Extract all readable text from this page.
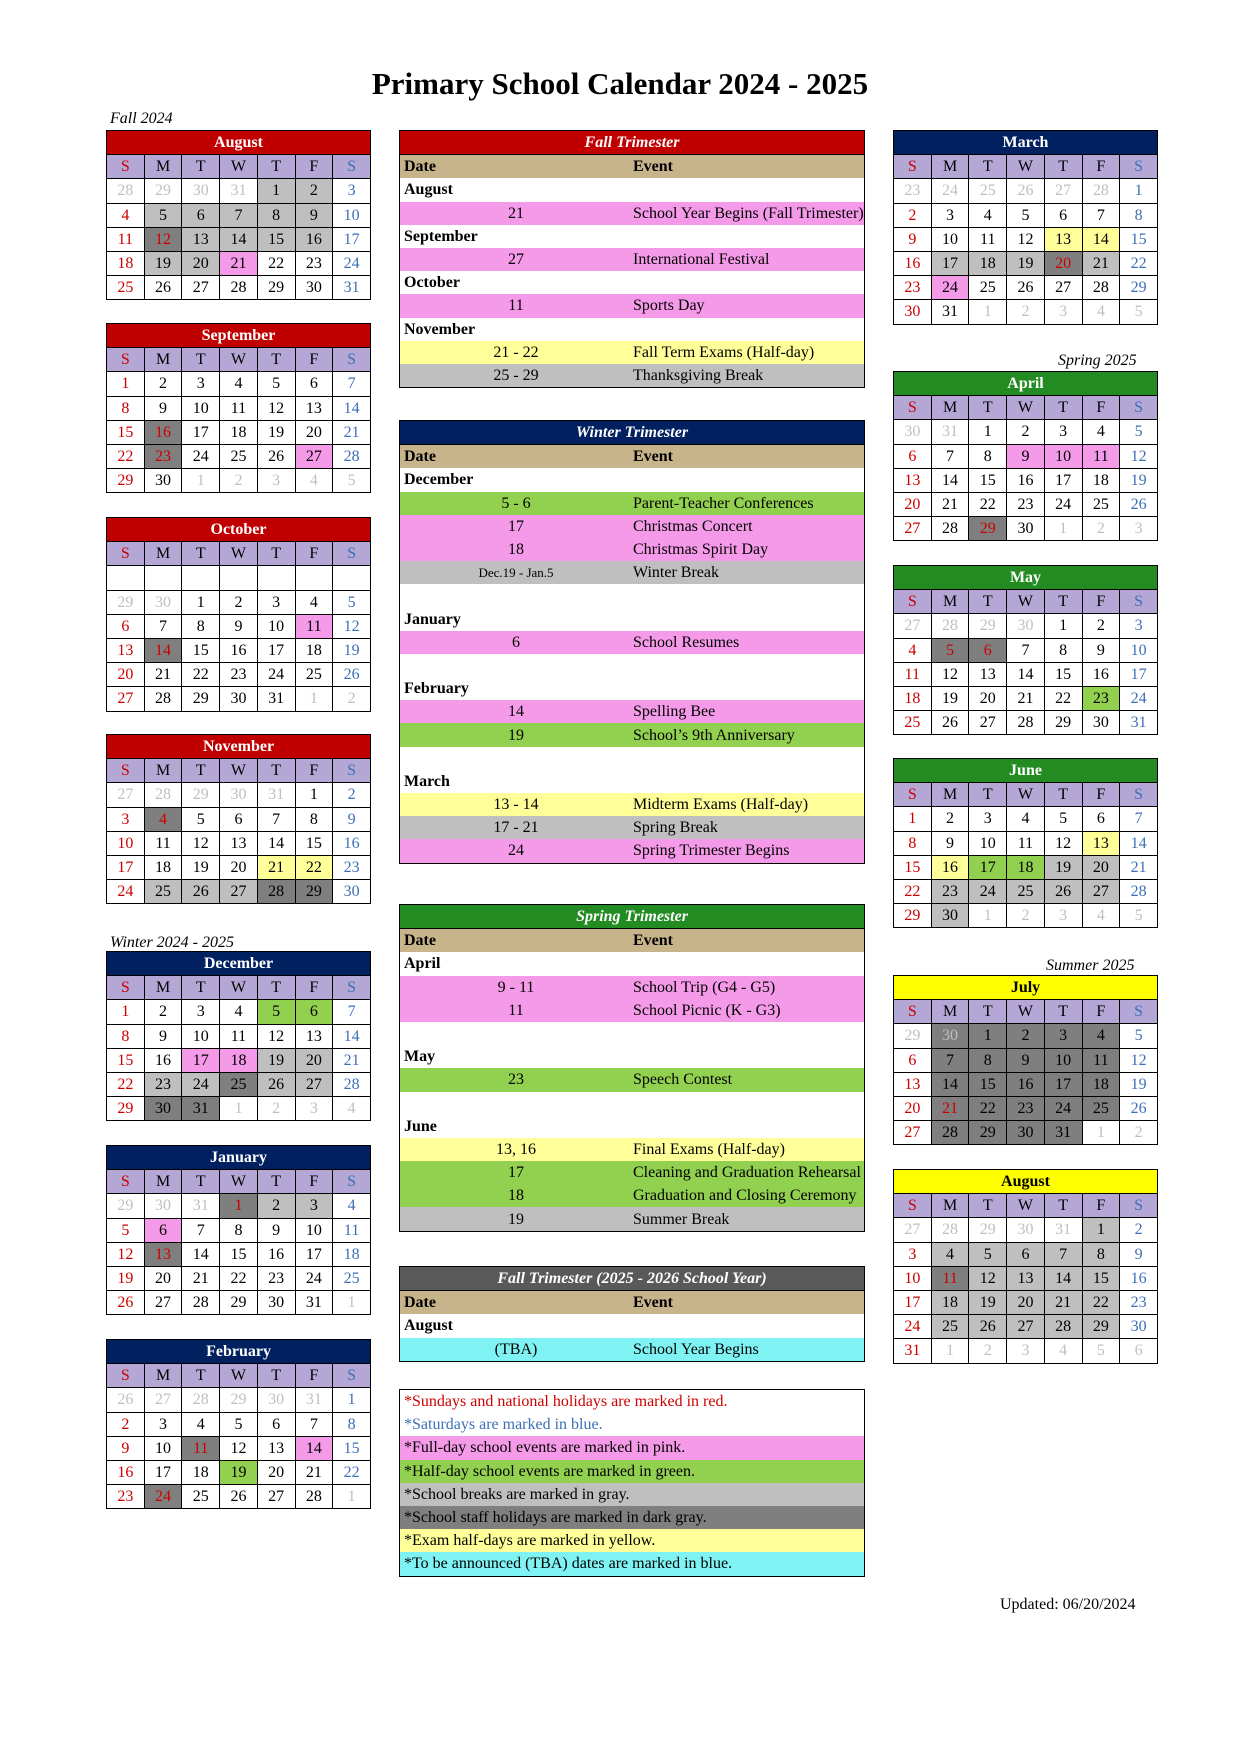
Primary School Calendar 2024 - 2025
Fall 2024
Winter 2024 - 2025
Spring 2025
Summer 2025
August						
S	M	T	W	T	F	S
28	29	30	31	1	2	3
4	5	6	7	8	9	10
11	12	13	14	15	16	17
18	19	20	21	22	23	24
25	26	27	28	29	30	31
September						
S	M	T	W	T	F	S
1	2	3	4	5	6	7
8	9	10	11	12	13	14
15	16	17	18	19	20	21
22	23	24	25	26	27	28
29	30	1	2	3	4	5
October						
S	M	T	W	T	F	S

29	30	1	2	3	4	5
6	7	8	9	10	11	12
13	14	15	16	17	18	19
20	21	22	23	24	25	26
27	28	29	30	31	1	2
November						
S	M	T	W	T	F	S
27	28	29	30	31	1	2
3	4	5	6	7	8	9
10	11	12	13	14	15	16
17	18	19	20	21	22	23
24	25	26	27	28	29	30
December						
S	M	T	W	T	F	S
1	2	3	4	5	6	7
8	9	10	11	12	13	14
15	16	17	18	19	20	21
22	23	24	25	26	27	28
29	30	31	1	2	3	4
January						
S	M	T	W	T	F	S
29	30	31	1	2	3	4
5	6	7	8	9	10	11
12	13	14	15	16	17	18
19	20	21	22	23	24	25
26	27	28	29	30	31	1
February						
S	M	T	W	T	F	S
26	27	28	29	30	31	1
2	3	4	5	6	7	8
9	10	11	12	13	14	15
16	17	18	19	20	21	22
23	24	25	26	27	28	1
March						
S	M	T	W	T	F	S
23	24	25	26	27	28	1
2	3	4	5	6	7	8
9	10	11	12	13	14	15
16	17	18	19	20	21	22
23	24	25	26	27	28	29
30	31	1	2	3	4	5
April						
S	M	T	W	T	F	S
30	31	1	2	3	4	5
6	7	8	9	10	11	12
13	14	15	16	17	18	19
20	21	22	23	24	25	26
27	28	29	30	1	2	3
May						
S	M	T	W	T	F	S
27	28	29	30	1	2	3
4	5	6	7	8	9	10
11	12	13	14	15	16	17
18	19	20	21	22	23	24
25	26	27	28	29	30	31
June						
S	M	T	W	T	F	S
1	2	3	4	5	6	7
8	9	10	11	12	13	14
15	16	17	18	19	20	21
22	23	24	25	26	27	28
29	30	1	2	3	4	5
July						
S	M	T	W	T	F	S
29	30	1	2	3	4	5
6	7	8	9	10	11	12
13	14	15	16	17	18	19
20	21	22	23	24	25	26
27	28	29	30	31	1	2
August						
S	M	T	W	T	F	S
27	28	29	30	31	1	2
3	4	5	6	7	8	9
10	11	12	13	14	15	16
17	18	19	20	21	22	23
24	25	26	27	28	29	30
31	1	2	3	4	5	6
Fall Trimester	
Date	Event
August	
21	School Year Begins (Fall Trimester)
September	
27	International Festival
October	
11	Sports Day
November	
21 - 22	Fall Term Exams (Half-day)
25 - 29	Thanksgiving Break
Winter Trimester	
Date	Event
December	
5 - 6	Parent-Teacher Conferences
17	Christmas Concert
18	Christmas Spirit Day
Dec.19 - Jan.5	Winter Break

January	
6	School Resumes

February	
14	Spelling Bee
19	School’s 9th Anniversary

March	
13 - 14	Midterm Exams (Half-day)
17 - 21	Spring Break
24	Spring Trimester Begins
Spring Trimester	
Date	Event
April	
9 - 11	School Trip (G4 - G5)
11	School Picnic (K - G3)

May	
23	Speech Contest

June	
13, 16	Final Exams (Half-day)
17	Cleaning and Graduation Rehearsal
18	Graduation and Closing Ceremony
19	Summer Break
Fall Trimester (2025 - 2026 School Year)	
Date	Event
August	
(TBA)	School Year Begins
*Sundays and national holidays are marked in red.
*Saturdays are marked in blue.
*Full-day school events are marked in pink.
*Half-day school events are marked in green.
*School breaks are marked in gray.
*School staff holidays are marked in dark gray.
*Exam half-days are marked in yellow.
*To be announced (TBA) dates are marked in blue.
Updated: 06/20/2024
